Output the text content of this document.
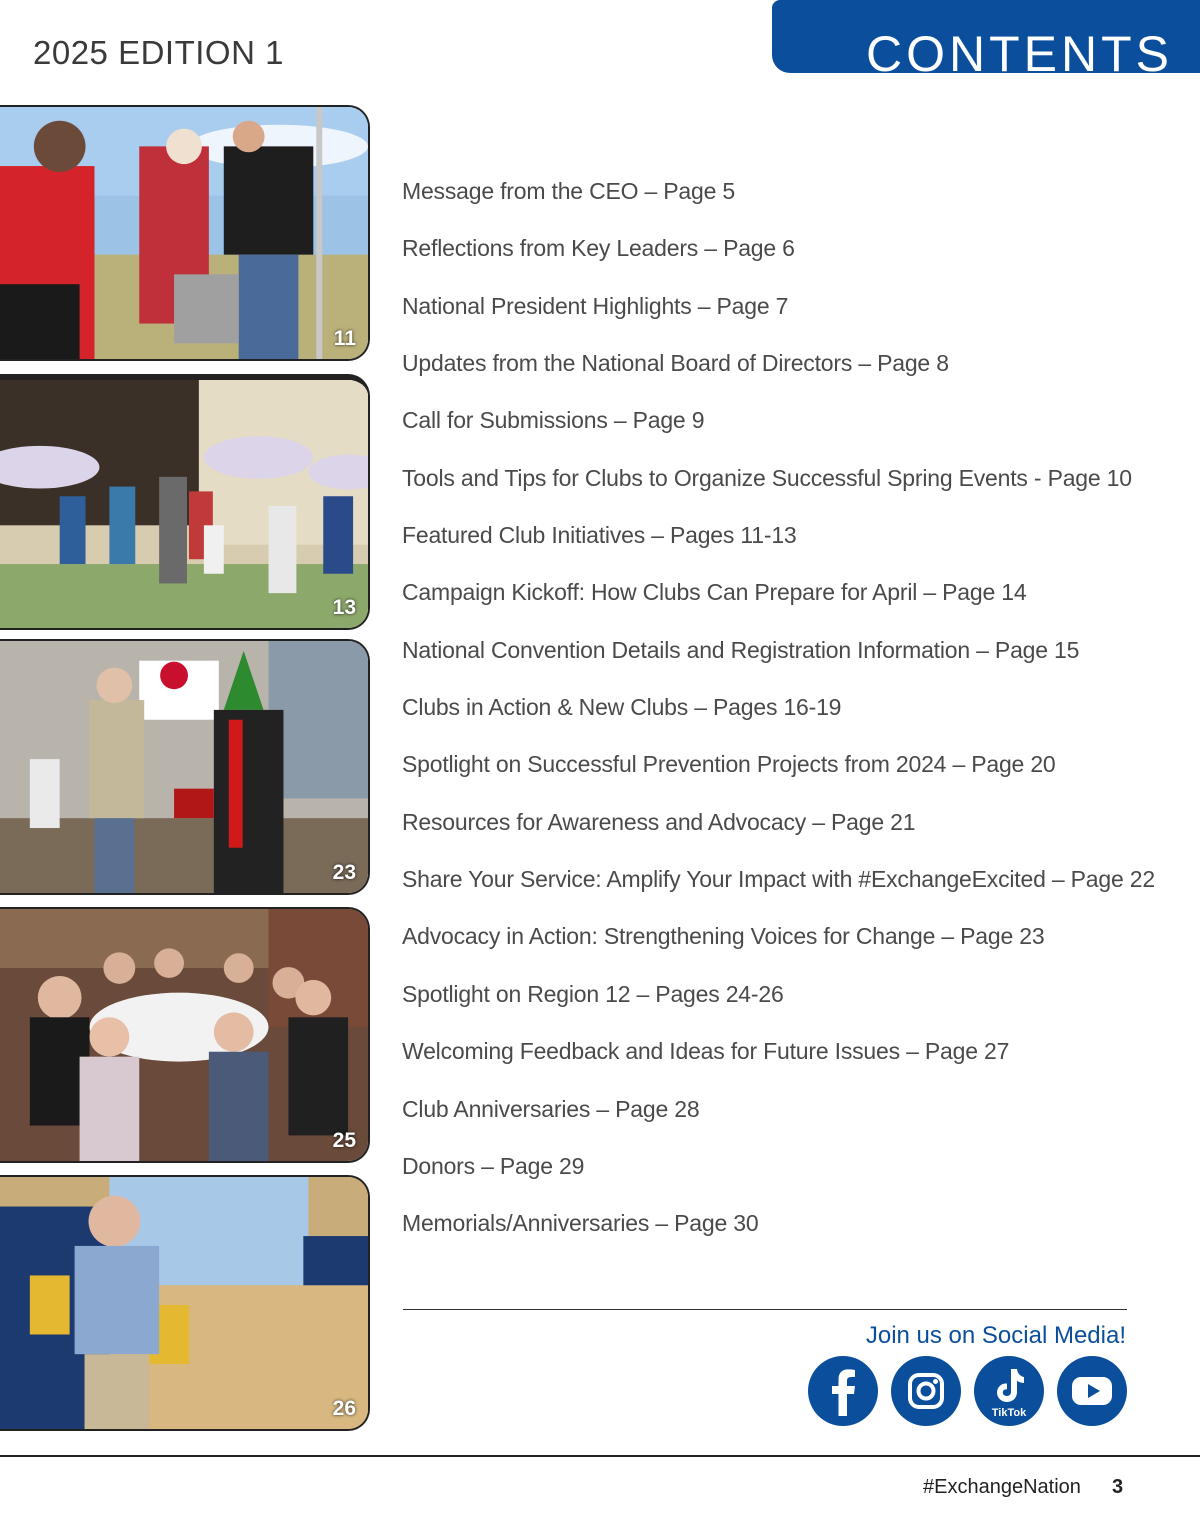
2025 EDITION 1	CONTENTS
11
13
23
25
26
Message from the CEO – Page 5
Reflections from Key Leaders – Page 6
National President Highlights – Page 7
Updates from the National Board of Directors – Page 8
Call for Submissions – Page 9
Tools and Tips for Clubs to Organize Successful Spring Events - Page 10
Featured Club Initiatives – Pages 11-13
Campaign Kickoff: How Clubs Can Prepare for April – Page 14
National Convention Details and Registration Information – Page 15
Clubs in Action & New Clubs – Pages 16-19
Spotlight on Successful Prevention Projects from 2024 – Page 20
Resources for Awareness and Advocacy – Page 21
Share Your Service: Amplify Your Impact with #ExchangeExcited – Page 22
Advocacy in Action: Strengthening Voices for Change – Page 23
Spotlight on Region 12 – Pages 24-26
Welcoming Feedback and Ideas for Future Issues – Page 27
Club Anniversaries – Page 28
Donors – Page 29
Memorials/Anniversaries – Page 30
Join us on Social Media!
TikTok
#ExchangeNation 3
